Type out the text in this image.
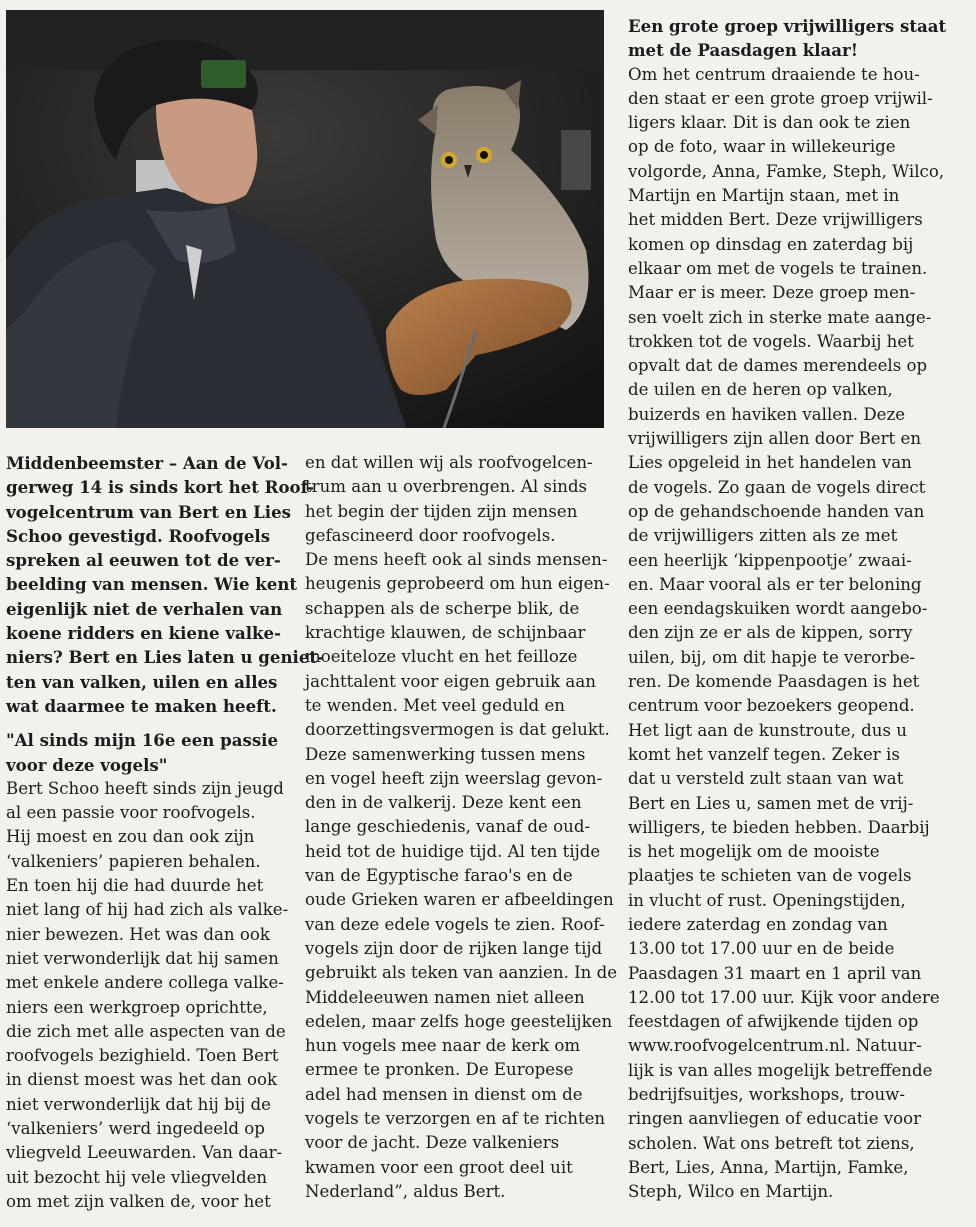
Middenbeemster – Aan de Vol-

gerweg 14 is sinds kort het Roof-

vogelcentrum van Bert en Lies

Schoo gevestigd. Roofvogels

spreken al eeuwen tot de ver-

beelding van mensen. Wie kent

eigenlijk niet de verhalen van

koene ridders en kiene valke-

niers? Bert en Lies laten u geniet-

ten van valken, uilen en alles

wat daarmee te maken heeft.

"Al sinds mijn 16e een passie

voor deze vogels"

Bert Schoo heeft sinds zijn jeugd

al een passie voor roofvogels.

Hij moest en zou dan ook zijn

‘valkeniers’ papieren behalen.

En toen hij die had duurde het

niet lang of hij had zich als valke-

nier bewezen. Het was dan ook

niet verwonderlijk dat hij samen

met enkele andere collega valke-

niers een werkgroep oprichtte,

die zich met alle aspecten van de

roofvogels bezighield. Toen Bert

in dienst moest was het dan ook

niet verwonderlijk dat hij bij de

‘valkeniers’ werd ingedeeld op

vliegveld Leeuwarden. Van daar-

uit bezocht hij vele vliegvelden

om met zijn valken de, voor het

en dat willen wij als roofvogelcen-

trum aan u overbrengen. Al sinds

het begin der tijden zijn mensen

gefascineerd door roofvogels.

De mens heeft ook al sinds mensen-

heugenis geprobeerd om hun eigen-

schappen als de scherpe blik, de

krachtige klauwen, de schijnbaar

moeiteloze vlucht en het feilloze

jachttalent voor eigen gebruik aan

te wenden. Met veel geduld en

doorzettingsvermogen is dat gelukt.

Deze samenwerking tussen mens

en vogel heeft zijn weerslag gevon-

den in de valkerij. Deze kent een

lange geschiedenis, vanaf de oud-

heid tot de huidige tijd. Al ten tijde

van de Egyptische farao's en de

oude Grieken waren er afbeeldingen

van deze edele vogels te zien. Roof-

vogels zijn door de rijken lange tijd

gebruikt als teken van aanzien. In de

Middeleeuwen namen niet alleen

edelen, maar zelfs hoge geestelijken

hun vogels mee naar de kerk om

ermee te pronken. De Europese

adel had mensen in dienst om de

vogels te verzorgen en af te richten

voor de jacht. Deze valkeniers

kwamen voor een groot deel uit

Nederland”, aldus Bert.

Een grote groep vrijwilligers staat

met de Paasdagen klaar!

Om het centrum draaiende te hou-

den staat er een grote groep vrijwil-

ligers klaar. Dit is dan ook te zien

op de foto, waar in willekeurige

volgorde, Anna, Famke, Steph, Wilco,

Martijn en Martijn staan, met in

het midden Bert. Deze vrijwilligers

komen op dinsdag en zaterdag bij

elkaar om met de vogels te trainen.

Maar er is meer. Deze groep men-

sen voelt zich in sterke mate aange-

trokken tot de vogels. Waarbij het

opvalt dat de dames merendeels op

de uilen en de heren op valken,

buizerds en haviken vallen. Deze

vrijwilligers zijn allen door Bert en

Lies opgeleid in het handelen van

de vogels. Zo gaan de vogels direct

op de gehandschoende handen van

de vrijwilligers zitten als ze met

een heerlijk ‘kippenpootje’ zwaai-

en. Maar vooral als er ter beloning

een eendagskuiken wordt aangebo-

den zijn ze er als de kippen, sorry

uilen, bij, om dit hapje te verorbe-

ren. De komende Paasdagen is het

centrum voor bezoekers geopend.

Het ligt aan de kunstroute, dus u

komt het vanzelf tegen. Zeker is

dat u versteld zult staan van wat

Bert en Lies u, samen met de vrij-

willigers, te bieden hebben. Daarbij

is het mogelijk om de mooiste

plaatjes te schieten van de vogels

in vlucht of rust. Openingstijden,

iedere zaterdag en zondag van

13.00 tot 17.00 uur en de beide

Paasdagen 31 maart en 1 april van

12.00 tot 17.00 uur. Kijk voor andere

feestdagen of afwijkende tijden op

www.roofvogelcentrum.nl. Natuur-

lijk is van alles mogelijk betreffende

bedrijfsuitjes, workshops, trouw-

ringen aanvliegen of educatie voor

scholen. Wat ons betreft tot ziens,

Bert, Lies, Anna, Martijn, Famke,

Steph, Wilco en Martijn.
